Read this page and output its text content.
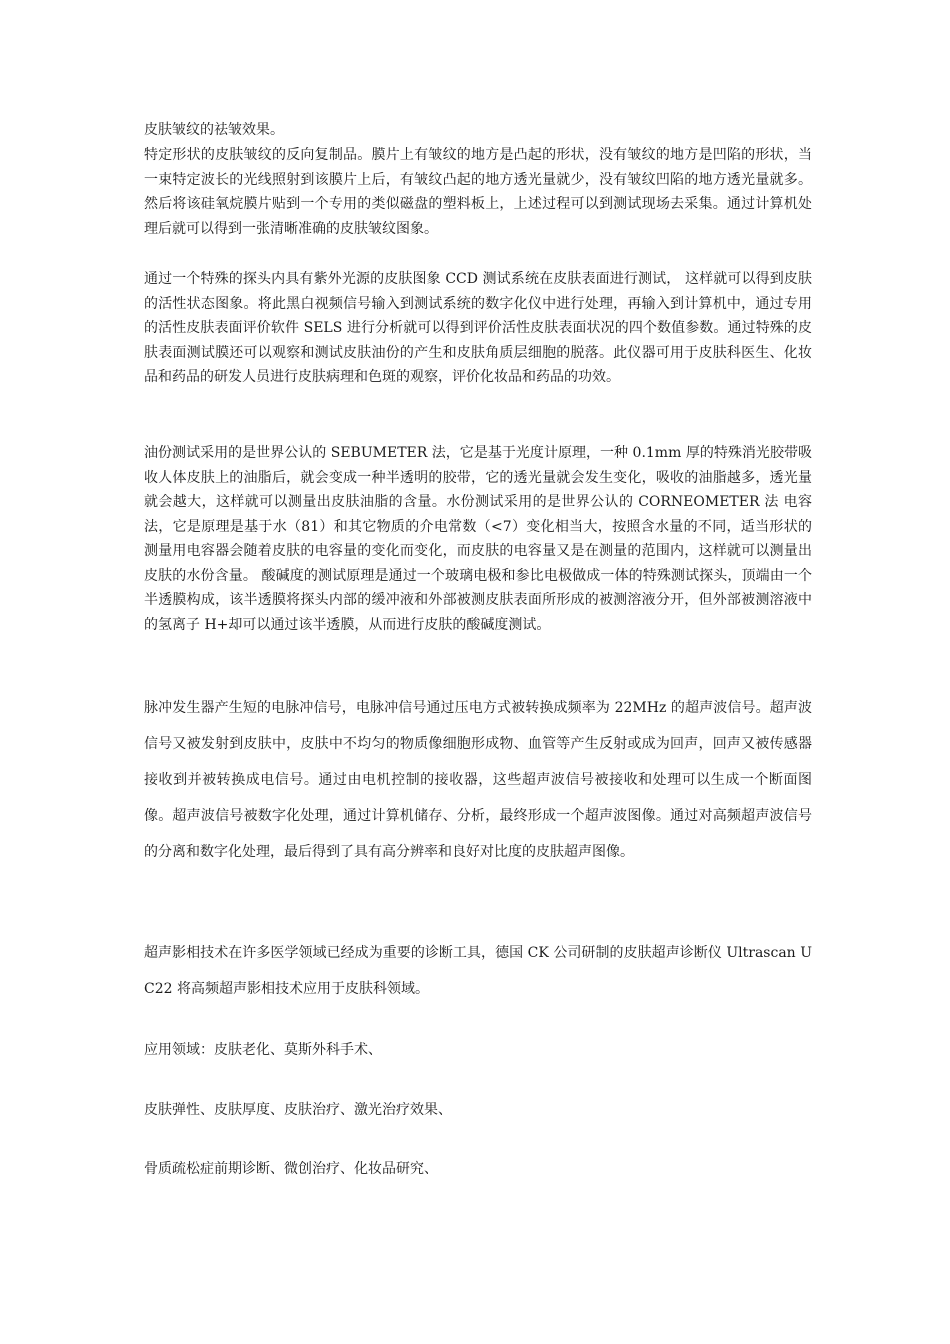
皮肤皱纹的祛皱效果。

特定形状的皮肤皱纹的反向复制品。膜片上有皱纹的地方是凸起的形状，没有皱纹的地方是凹陷的形状，当一束特定波长的光线照射到该膜片上后，有皱纹凸起的地方透光量就少，没有皱纹凹陷的地方透光量就多。然后将该硅氧烷膜片贴到一个专用的类似磁盘的塑料板上，上述过程可以到测试现场去采集。通过计算机处理后就可以得到一张清晰准确的皮肤皱纹图象。

通过一个特殊的探头内具有紫外光源的皮肤图象 CCD 测试系统在皮肤表面进行测试， 这样就可以得到皮肤的活性状态图象。将此黑白视频信号输入到测试系统的数字化仪中进行处理，再输入到计算机中，通过专用的活性皮肤表面评价软件 SELS 进行分析就可以得到评价活性皮肤表面状况的四个数值参数。通过特殊的皮肤表面测试膜还可以观察和测试皮肤油份的产生和皮肤角质层细胞的脱落。此仪器可用于皮肤科医生、化妆品和药品的研发人员进行皮肤病理和色斑的观察，评价化妆品和药品的功效。

油份测试采用的是世界公认的 SEBUMETER 法，它是基于光度计原理，一种 0.1mm 厚的特殊消光胶带吸收人体皮肤上的油脂后，就会变成一种半透明的胶带，它的透光量就会发生变化，吸收的油脂越多，透光量就会越大，这样就可以测量出皮肤油脂的含量。水份测试采用的是世界公认的 CORNEOMETER 法 电容法，它是原理是基于水（81）和其它物质的介电常数（<7）变化相当大，按照含水量的不同，适当形状的测量用电容器会随着皮肤的电容量的变化而变化，而皮肤的电容量又是在测量的范围内，这样就可以测量出皮肤的水份含量。 酸碱度的测试原理是通过一个玻璃电极和参比电极做成一体的特殊测试探头，顶端由一个半透膜构成，该半透膜将探头内部的缓冲液和外部被测皮肤表面所形成的被测溶液分开，但外部被测溶液中的氢离子 H+却可以通过该半透膜，从而进行皮肤的酸碱度测试。

脉冲发生器产生短的电脉冲信号，电脉冲信号通过压电方式被转换成频率为 22MHz 的超声波信号。超声波信号又被发射到皮肤中，皮肤中不均匀的物质像细胞形成物、血管等产生反射或成为回声，回声又被传感器接收到并被转换成电信号。通过由电机控制的接收器，这些超声波信号被接收和处理可以生成一个断面图像。超声波信号被数字化处理，通过计算机储存、分析，最终形成一个超声波图像。通过对高频超声波信号的分离和数字化处理，最后得到了具有高分辨率和良好对比度的皮肤超声图像。

超声影相技术在许多医学领域已经成为重要的诊断工具，德国 CK 公司研制的皮肤超声诊断仪 Ultrascan UC22 将高频超声影相技术应用于皮肤科领域。

应用领域：皮肤老化、莫斯外科手术、

皮肤弹性、皮肤厚度、皮肤治疗、激光治疗效果、

骨质疏松症前期诊断、微创治疗、化妆品研究、
